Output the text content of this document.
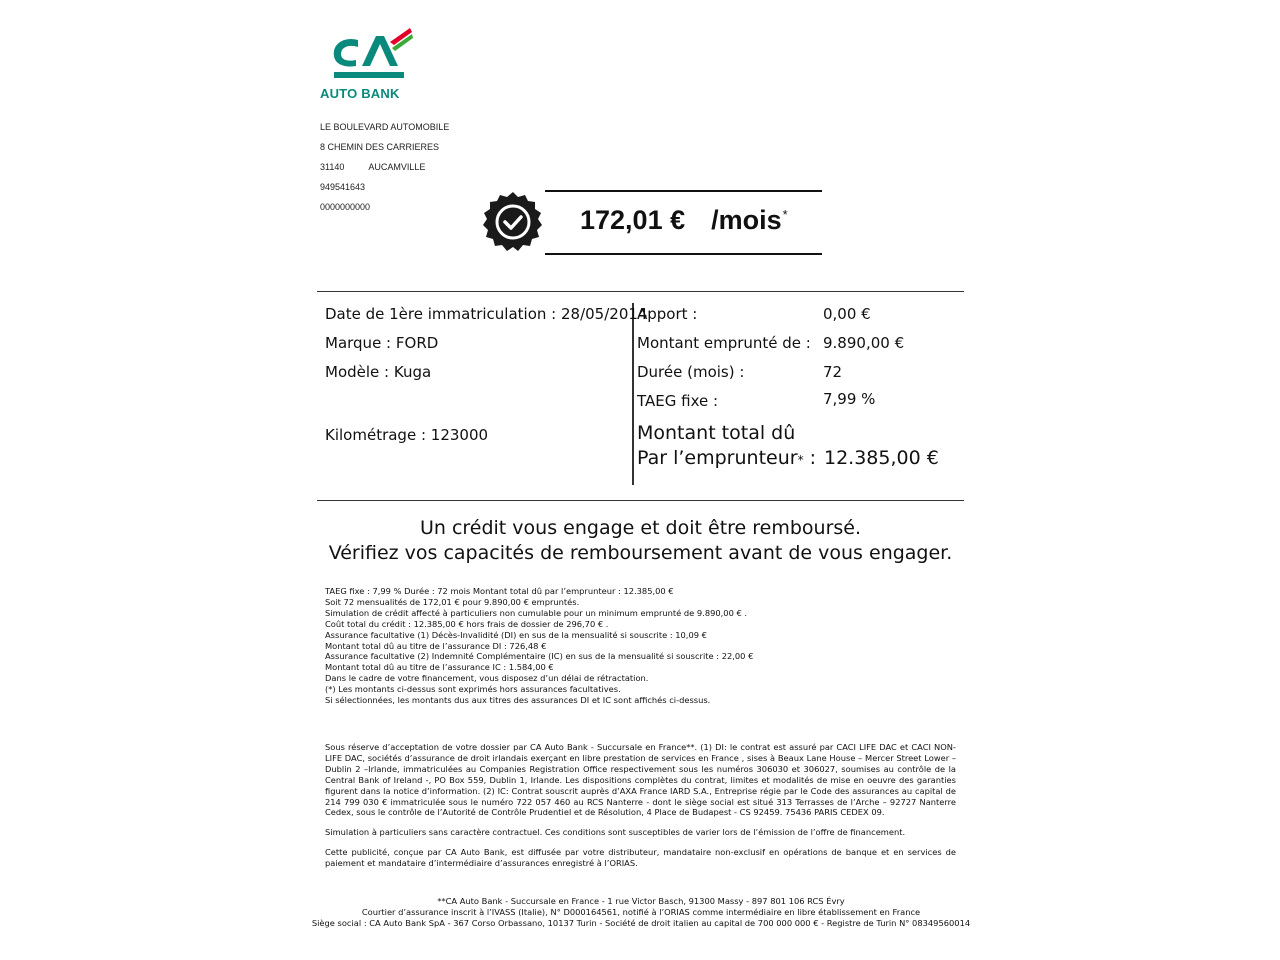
AUTO BANK
LE BOULEVARD AUTOMOBILE
8 CHEMIN DES CARRIERES
31140	AUCAMVILLE
949541643
0000000000	172,01 € /mois*
Date de 1ère immatriculation : 28/05/2014
Marque : FORD
Modèle : Kuga
Kilométrage : 123000
Apport :	0,00 €
Montant emprunté de : 9.890,00 €
Durée (mois) :	72
TAEG fixe :	7,99 %
Montant total dû
Par l’emprunteur* : 12.385,00 €
Un crédit vous engage et doit être remboursé.
Vérifiez vos capacités de remboursement avant de vous engager.
TAEG fixe : 7,99 % Durée : 72 mois Montant total dû par l’emprunteur : 12.385,00 €
Soit 72 mensualités de 172,01 € pour 9.890,00 € empruntés.
Simulation de crédit affecté à particuliers non cumulable pour un minimum emprunté de 9.890,00 € .
Coût total du crédit : 12.385,00 € hors frais de dossier de 296,70 € .
Assurance facultative (1) Décès-Invalidité (DI) en sus de la mensualité si souscrite : 10,09 €
Montant total dû au titre de l’assurance DI : 726,48 €
Assurance facultative (2) Indemnité Complémentaire (IC) en sus de la mensualité si souscrite : 22,00 €
Montant total dû au titre de l’assurance IC : 1.584,00 €
Dans le cadre de votre financement, vous disposez d’un délai de rétractation.
(*) Les montants ci-dessus sont exprimés hors assurances facultatives.
Si sélectionnées, les montants dus aux titres des assurances DI et IC sont affichés ci-dessus.

Sous réserve d’acceptation de votre dossier par CA Auto Bank - Succursale en France**. (1) DI: le contrat est assuré par CACI LIFE DAC et CACI NON-LIFE DAC, sociétés d’assurance de droit irlandais exerçant en libre prestation de services en France , sises à Beaux Lane House – Mercer Street Lower – Dublin 2 –Irlande, immatriculées au Companies Registration Office respectivement sous les numéros 306030 et 306027, soumises au contrôle de la Central Bank of Ireland -, PO Box 559, Dublin 1, Irlande. Les dispositions complètes du contrat, limites et modalités de mise en oeuvre des garanties figurent dans la notice d’information. (2) IC: Contrat souscrit auprès d’AXA France IARD S.A., Entreprise régie par le Code des assurances au capital de 214 799 030 € immatriculée sous le numéro 722 057 460 au RCS Nanterre - dont le siège social est situé 313 Terrasses de l’Arche – 92727 Nanterre Cedex, sous le contrôle de l’Autorité de Contrôle Prudentiel et de Résolution, 4 Place de Budapest - CS 92459. 75436 PARIS CEDEX 09.

Simulation à particuliers sans caractère contractuel. Ces conditions sont susceptibles de varier lors de l’émission de l’offre de financement.

Cette publicité, conçue par CA Auto Bank, est diffusée par votre distributeur, mandataire non-exclusif en opérations de banque et en services de paiement et mandataire d’intermédiaire d’assurances enregistré à l’ORIAS.

**CA Auto Bank - Succursale en France - 1 rue Victor Basch, 91300 Massy - 897 801 106 RCS Évry
Courtier d’assurance inscrit à l’IVASS (Italie), N° D000164561, notifié à l’ORIAS comme intermédiaire en libre établissement en France
Siège social : CA Auto Bank SpA - 367 Corso Orbassano, 10137 Turin - Société de droit italien au capital de 700 000 000 € - Registre de Turin N° 08349560014
